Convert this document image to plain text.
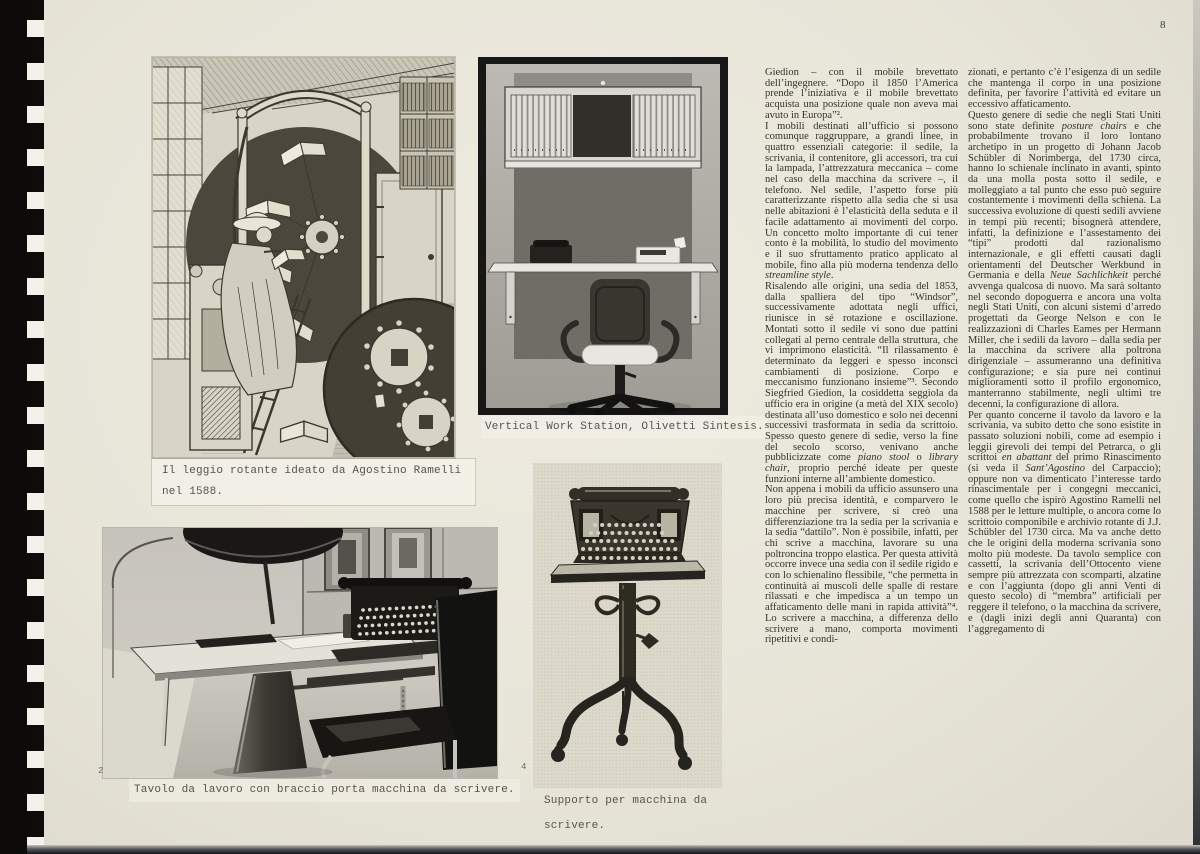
8
Il leggio rotante ideato da Agostino Ramelli
nel 1588.
Vertical Work Station, Olivetti Sintesis.
Tavolo da lavoro con braccio porta macchina da scrivere.
2
Supporto per macchina da
scrivere.
4

Giedion – con il mobile brevettato dell’ingegnere. “Dopo il 1850 l’America prende l’iniziativa e il mobile brevettato acquista una posizione quale non aveva mai avuto in Europa”².

I mobili destinati all’ufficio si possono comunque raggruppare, a grandi linee, in quattro essenziali categorie: il sedile, la scrivania, il contenitore, gli accessori, tra cui la lampada, l’attrezzatura meccanica – come nel caso della macchina da scrivere –, il telefono. Nel sedile, l’aspetto forse più caratterizzante rispetto alla sedia che si usa nelle abitazioni è l’elasticità della seduta e il facile adattamento ai movimenti del corpo. Un concetto molto importante di cui tener conto è la mobilità, lo studio del movimento e il suo sfruttamento pratico applicato al mobile, fino alla più moderna tendenza dello streamline style.

Risalendo alle origini, una sedia del 1853, dalla spalliera del tipo “Windsor”, successivamente adottata negli uffici, riunisce in sé rotazione e oscillazione. Montati sotto il sedile vi sono due pattini collegati al perno centrale della struttura, che vi imprimono elasticità. “Il rilassamento è determinato da leggeri e spesso inconsci cambiamenti di posizione. Corpo e meccanismo funzionano insieme”³. Secondo Siegfried Giedion, la cosiddetta seggiola da ufficio era in origine (a metà del XIX secolo) destinata all’uso domestico e solo nei decenni successivi trasformata in sedia da scrittoio. Spesso questo genere di sedie, verso la fine del secolo scorso, venivano anche pubblicizzate come piano stool o library chair, proprio perché ideate per queste funzioni interne all’ambiente domestico.

Non appena i mobili da ufficio assunsero una loro più precisa identità, e comparvero le macchine per scrivere, si creò una differenziazione tra la sedia per la scrivania e la sedia “dattilo”. Non è possibile, infatti, per chi scrive a macchina, lavorare su una poltroncina troppo elastica. Per questa attività occorre invece una sedia con il sedile rigido e con lo schienalino flessibile, “che permetta in continuità ai muscoli delle spalle di restare rilassati e che impedisca a un tempo un affaticamento delle mani in rapida attività”⁴. Lo scrivere a macchina, a differenza dello scrivere a mano, comporta movimenti ripetitivi e condi-

zionati, e pertanto c’è l’esigenza di un sedile che mantenga il corpo in una posizione definita, per favorire l’attività ed evitare un eccessivo affaticamento.

Questo genere di sedie che negli Stati Uniti sono state definite posture chairs e che probabilmente trovano il loro lontano archetipo in un progetto di Johann Jacob Schübler di Norimberga, del 1730 circa, hanno lo schienale inclinato in avanti, spinto da una molla posta sotto il sedile, e molleggiato a tal punto che esso può seguire costantemente i movimenti della schiena. La successiva evoluzione di questi sedili avviene in tempi più recenti; bisognerà attendere, infatti, la definizione e l’assestamento dei “tipi” prodotti dal razionalismo internazionale, e gli effetti causati dagli orientamenti del Deutscher Werkbund in Germania e della Neue Sachlichkeit perché avvenga qualcosa di nuovo. Ma sarà soltanto nel secondo dopoguerra e ancora una volta negli Stati Uniti, con alcuni sistemi d’arredo progettati da George Nelson e con le realizzazioni di Charles Eames per Hermann Miller, che i sedili da lavoro – dalla sedia per la macchina da scrivere alla poltrona dirigenziale – assumeranno una definitiva configurazione; e sia pure nei continui miglioramenti sotto il profilo ergonomico, manterranno stabilmente, negli ultimi tre decenni, la configurazione di allora.

Per quanto concerne il tavolo da lavoro e la scrivania, va subito detto che sono esistite in passato soluzioni nobili, come ad esempio i leggii girevoli dei tempi del Petrarca, o gli scrittoi en abattant del primo Rinascimento (si veda il Sant’Agostino del Carpaccio); oppure non va dimenticato l’interesse tardo rinascimentale per i congegni meccanici, come quello che ispirò Agostino Ramelli nel 1588 per le letture multiple, o ancora come lo scrittoio componibile e archivio rotante di J.J. Schübler del 1730 circa. Ma va anche detto che le origini della moderna scrivania sono molto più modeste. Da tavolo semplice con cassetti, la scrivania dell’Ottocento viene sempre più attrezzata con scomparti, alzatine e con l’aggiunta (dopo gli anni Venti di questo secolo) di “membra” artificiali per reggere il telefono, o la macchina da scrivere, e (dagli inizi degli anni Quaranta) con l’aggregamento di
